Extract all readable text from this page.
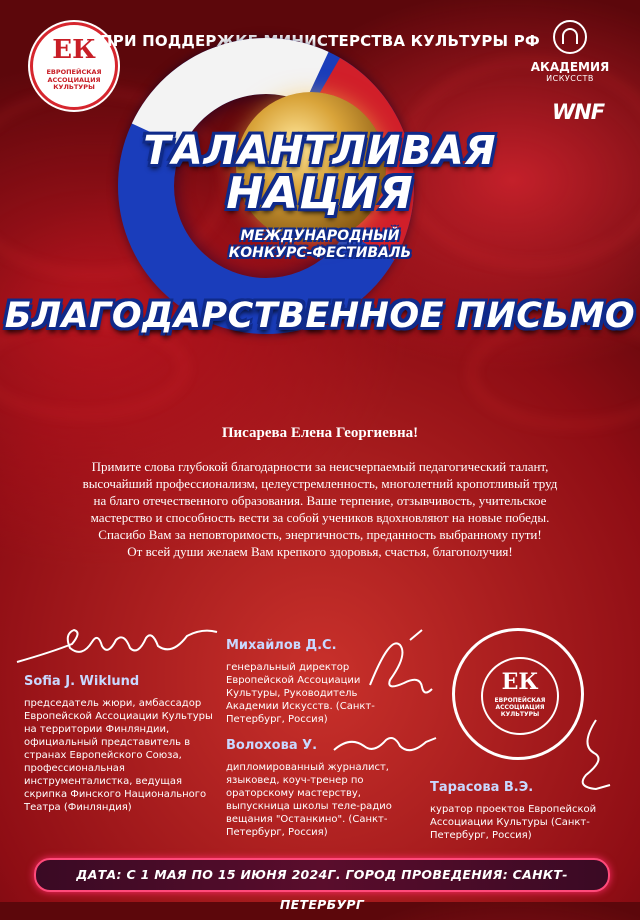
ЕК
ЕВРОПЕЙСКАЯ АССОЦИАЦИЯ КУЛЬТУРЫ
ПРИ ПОДДЕРЖКЕ МИНИСТЕРСТВА КУЛЬТУРЫ РФ
АКАДЕМИЯ
ИСКУССТВ
WNF
ТАЛАНТЛИВАЯ
НАЦИЯ
МЕЖДУНАРОДНЫЙ
КОНКУРС-ФЕСТИВАЛЬ
БЛАГОДАРСТВЕННОЕ ПИСЬМО
Писарева Елена Георгиевна!

Примите слова глубокой благодарности за неисчерпаемый педагогический талант, высочайший профессионализм, целеустремленность, многолетний кропотливый труд на благо отечественного образования. Ваше терпение, отзывчивость, учительское мастерство и способность вести за собой учеников вдохновляют на новые победы. Спасибо Вам за неповторимость, энергичность, преданность выбранному пути!

От всей души желаем Вам крепкого здоровья, счастья, благополучия!

Sofia J. Wiklund
председатель жюри, амбассадор Европейской Ассоциации Культуры на территории Финляндии, официальный представитель в странах Европейского Союза, профессиональная инструменталистка, ведущая скрипка Финского Национального Театра (Финляндия)
Михайлов Д.С.
генеральный директор Европейской Ассоциации Культуры, Руководитель Академии Искусств. (Санкт-Петербург, Россия)
Волохова У.
дипломированный журналист, языковед, коуч-тренер по ораторскому мастерству, выпускница школы теле-радио вещания "Останкино". (Санкт-Петербург, Россия)
Тарасова В.Э.
куратор проектов Европейской Ассоциации Культуры (Санкт-Петербург, Россия)
ЕК
ЕВРОПЕЙСКАЯ АССОЦИАЦИЯ КУЛЬТУРЫ
ДАТА: С 1 МАЯ ПО 15 ИЮНЯ 2024Г. ГОРОД ПРОВЕДЕНИЯ: САНКТ-ПЕТЕРБУРГ
